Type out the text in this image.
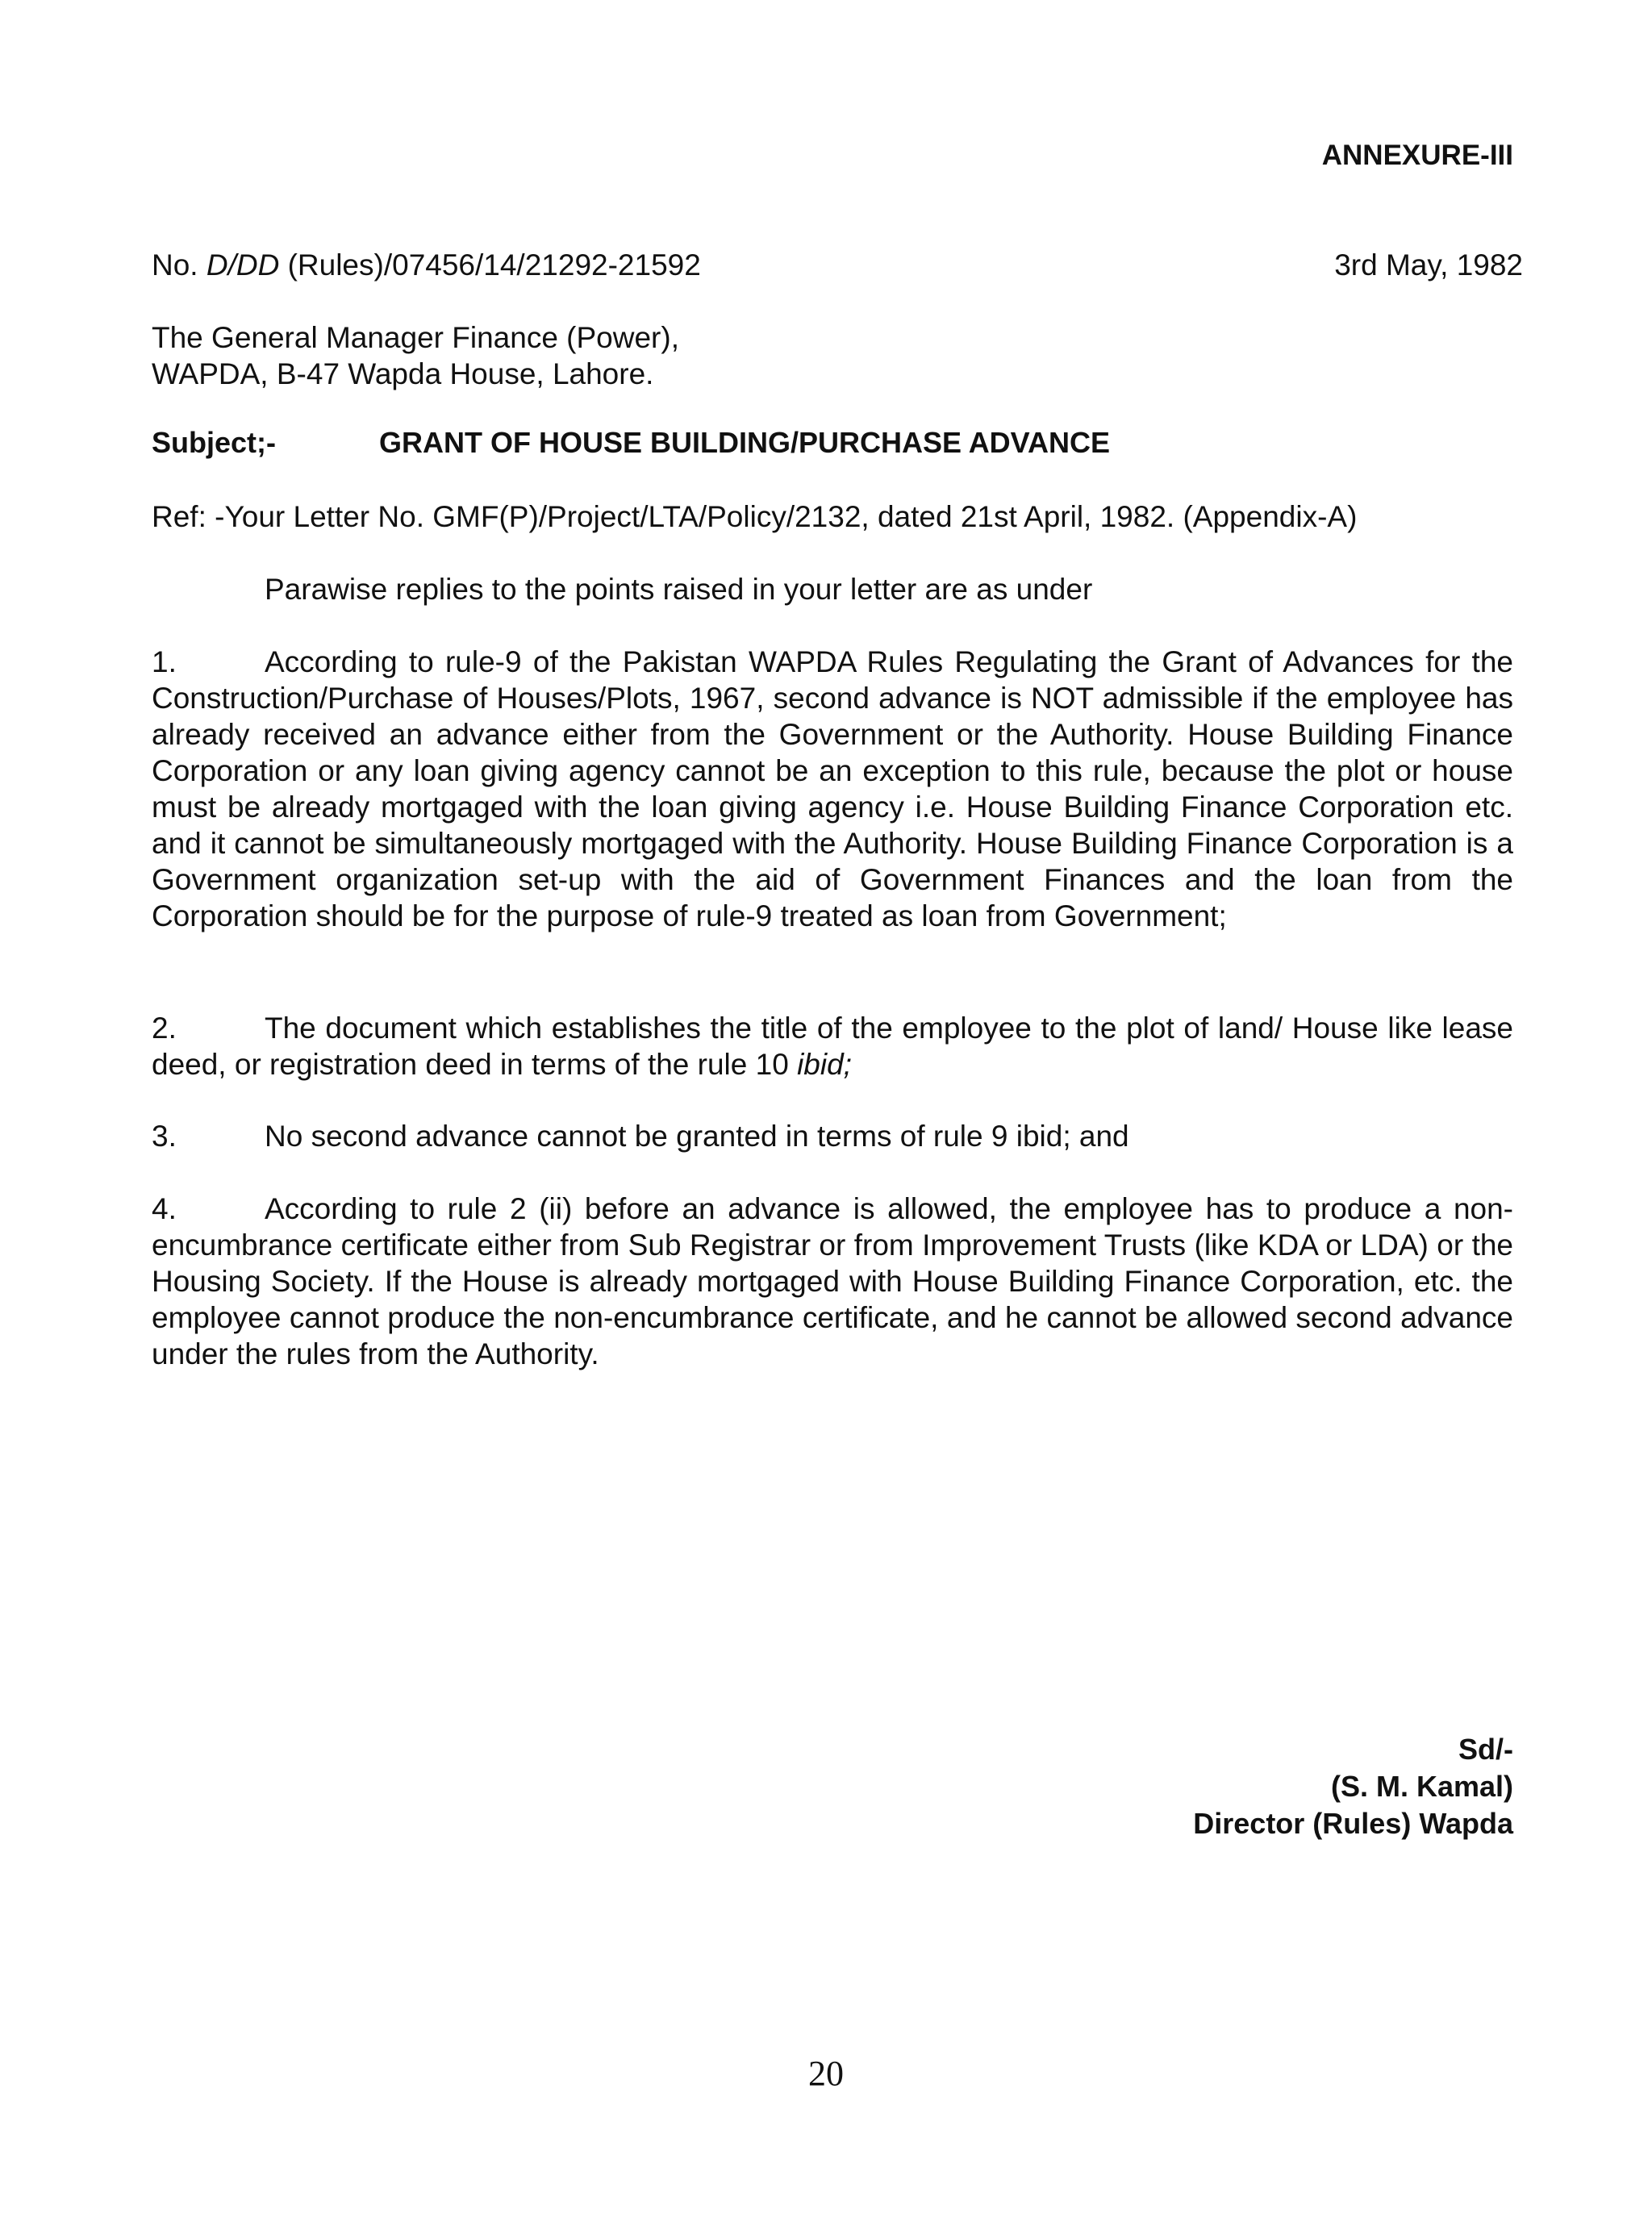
ANNEXURE-III
No. D/DD (Rules)/07456/14/21292-21592	3rd May, 1982
The General Manager Finance (Power),
WAPDA, B-47 Wapda House, Lahore.
Subject;-	GRANT OF HOUSE BUILDING/PURCHASE ADVANCE
Ref: -Your Letter No. GMF(P)/Project/LTA/Policy/2132, dated 21st April, 1982. (Appendix-A)
Parawise replies to the points raised in your letter are as under
1.	According to rule-9 of the Pakistan WAPDA Rules Regulating the Grant of Advances for the Construction/Purchase of Houses/Plots, 1967, second advance is NOT admissible if the employee has already received an advance either from the Government or the Authority. House Building Finance Corporation or any loan giving agency cannot be an exception to this rule, because the plot or house must be already mortgaged with the loan giving agency i.e. House Building Finance Corporation etc. and it cannot be simultaneously mortgaged with the Authority. House Building Finance Corporation is a Government organization set-up with the aid of Government Finances and the loan from the Corporation should be for the purpose of rule-9 treated as loan from Government;
2.	The document which establishes the title of the employee to the plot of land/ House like lease deed, or registration deed in terms of the rule 10 ibid;
3.	No second advance cannot be granted in terms of rule 9 ibid; and
4.	According to rule 2 (ii) before an advance is allowed, the employee has to produce a non-encumbrance certificate either from Sub Registrar or from Improvement Trusts (like KDA or LDA) or the Housing Society. If the House is already mortgaged with House Building Finance Corporation, etc. the employee cannot produce the non-encumbrance certificate, and he cannot be allowed second advance under the rules from the Authority.
Sd/-
(S. M. Kamal)
Director (Rules) Wapda
20
